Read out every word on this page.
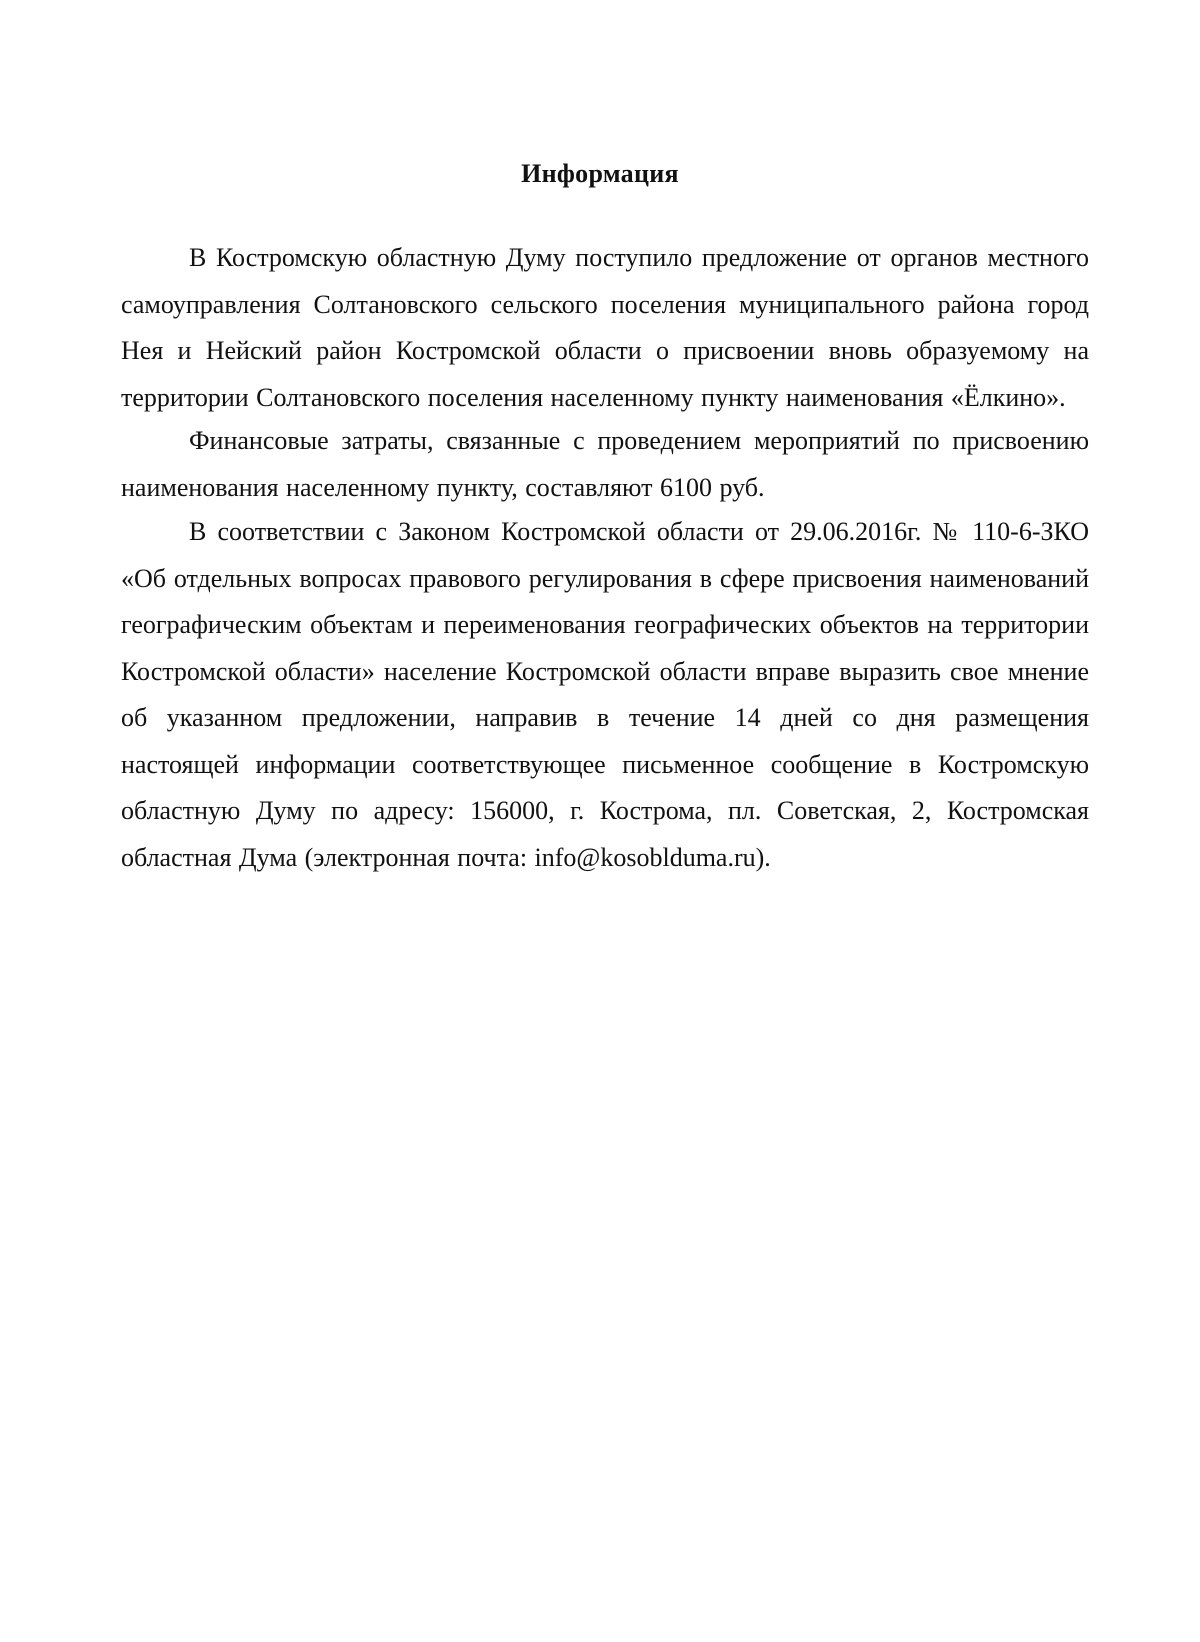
Информация

В Костромскую областную Думу поступило предложение от органов местного самоуправления Солтановского сельского поселения муниципального района город Нея и Нейский район Костромской области о присвоении вновь образуемому на территории Солтановского поселения населенному пункту наименования «Ёлкино».

Финансовые затраты, связанные с проведением мероприятий по присвоению наименования населенному пункту, составляют 6100 руб.

В соответствии с Законом Костромской области от 29.06.2016г. № 110-6-ЗКО «Об отдельных вопросах правового регулирования в сфере присвоения наименований географическим объектам и переименования географических объектов на территории Костромской области» население Костромской области вправе выразить свое мнение об указанном предложении, направив в течение 14 дней со дня размещения настоящей информации соответствующее письменное сообщение в Костромскую областную Думу по адресу: 156000, г. Кострома, пл. Советская, 2, Костромская областная Дума (электронная почта: info@kosoblduma.ru).
